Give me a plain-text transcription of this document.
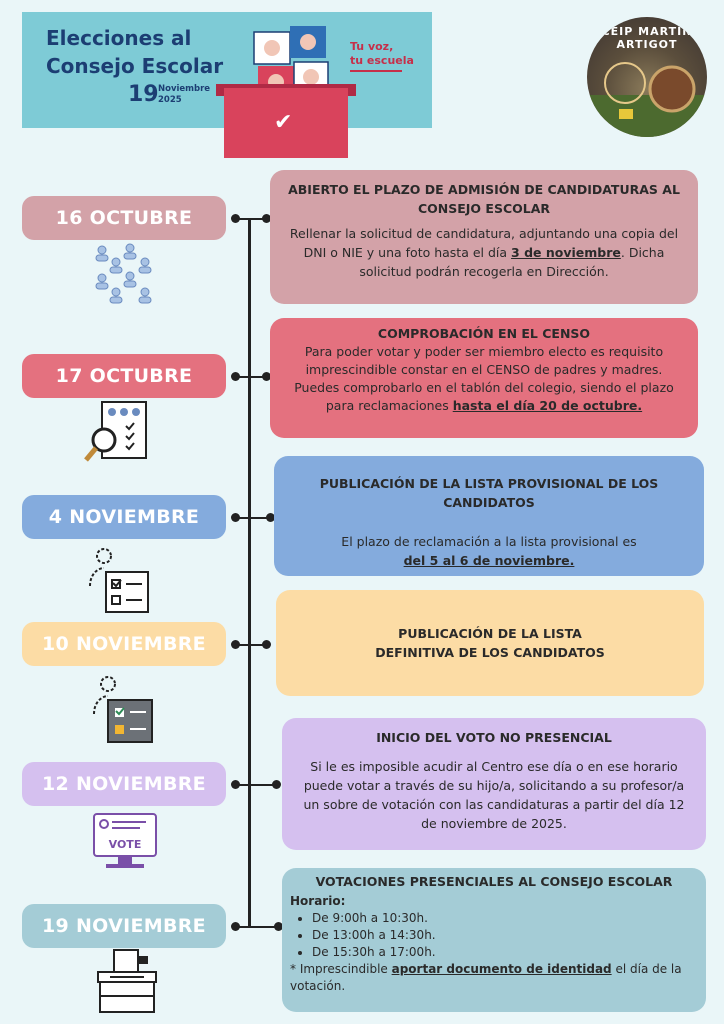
Elecciones al
Consejo Escolar
19 Noviembre
2025
Tu voz,
tu escuela
✔
CEIP MARTÍN ARTIGOT
16 OCTUBRE
ABIERTO EL PLAZO DE ADMISIÓN DE CANDIDATURAS AL CONSEJO ESCOLAR

Rellenar la solicitud de candidatura, adjuntando una copia del DNI o NIE y una foto hasta el día 3 de noviembre. Dicha solicitud podrán recogerla en Dirección.

17 OCTUBRE
COMPROBACIÓN EN EL CENSO

Para poder votar y poder ser miembro electo es requisito imprescindible constar en el CENSO de padres y madres. Puedes comprobarlo en el tablón del colegio, siendo el plazo para reclamaciones hasta el día 20 de octubre.

4 NOVIEMBRE
PUBLICACIÓN DE LA LISTA PROVISIONAL DE LOS CANDIDATOS

El plazo de reclamación a la lista provisional es
del 5 al 6 de noviembre.

10 NOVIEMBRE	PUBLICACIÓN DE LA LISTA DEFINITIVA DE LOS CANDIDATOS
12 NOVIEMBRE
INICIO DEL VOTO NO PRESENCIAL

Si le es imposible acudir al Centro ese día o en ese horario puede votar a través de su hijo/a, solicitando a su profesor/a un sobre de votación con las candidaturas a partir del día 12 de noviembre de 2025.

VOTE
19 NOVIEMBRE
VOTACIONES PRESENCIALES AL CONSEJO ESCOLAR
Horario:
• De 9:00h a 10:30h.
• De 13:00h a 14:30h.
• De 15:30h a 17:00h.

* Imprescindible aportar documento de identidad el día de la votación.
